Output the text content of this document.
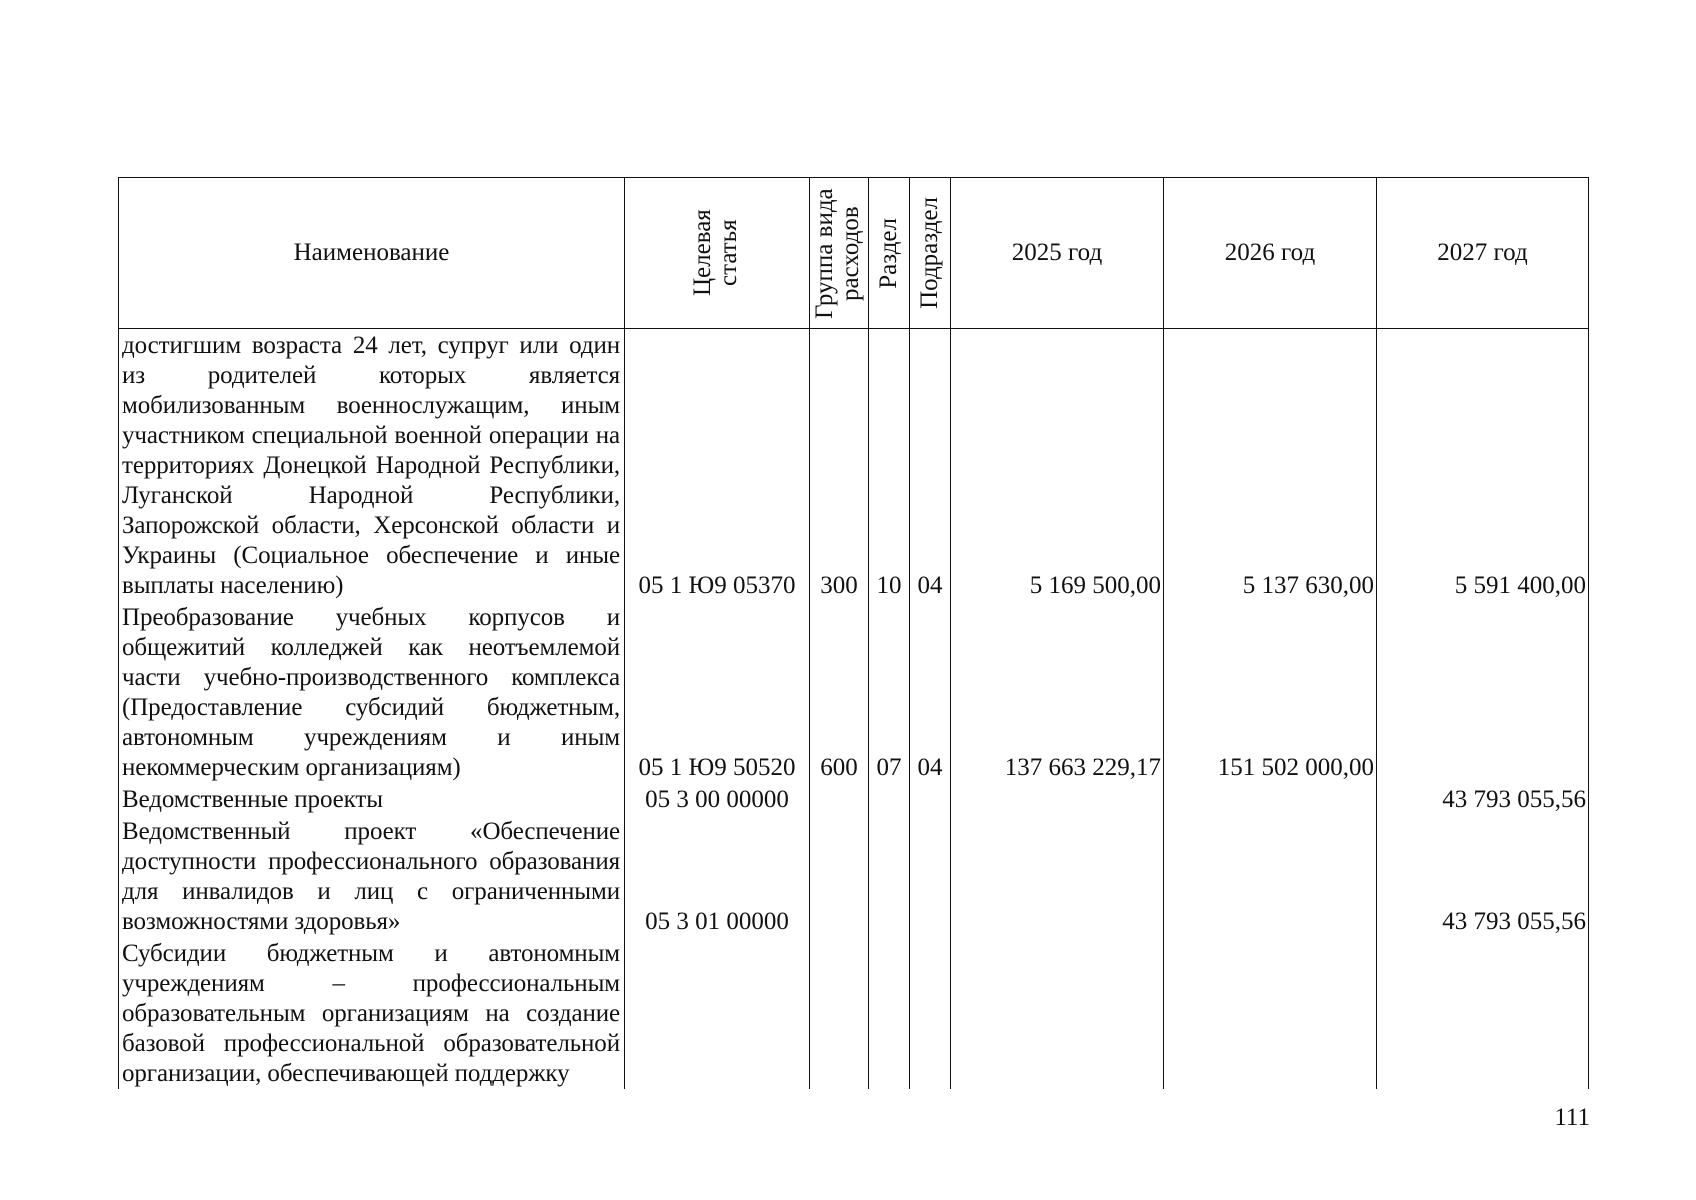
Наименование	Целевая статья	Группа вида расходов	Раздел	Подраздел	2025 год	2026 год	2027 год
достигшим возраста 24 лет, супруг или один из родителей которых является мобилизованным военнослужащим, иным участником специальной военной операции на территориях Донецкой Народной Республики, Луганской Народной Республики, Запорожской области, Херсонской области и Украины (Социальное обеспечение и иные выплаты населению)	05 1 Ю9 05370	300	10	04	5 169 500,00	5 137 630,00	5 591 400,00
Преобразование учебных корпусов и общежитий колледжей как неотъемлемой части учебно-производственного комплекса (Предоставление субсидий бюджетным, автономным учреждениям и иным некоммерческим организациям)	05 1 Ю9 50520	600	07	04	137 663 229,17	151 502 000,00	
Ведомственные проекты	05 3 00 00000						43 793 055,56
Ведомственный проект «Обеспечение доступности профессионального образования для инвалидов и лиц с ограниченными возможностями здоровья»	05 3 01 00000						43 793 055,56
Субсидии бюджетным и автономным учреждениям – профессиональным образовательным организациям на создание базовой профессиональной образовательной организации, обеспечивающей поддержку							
111
